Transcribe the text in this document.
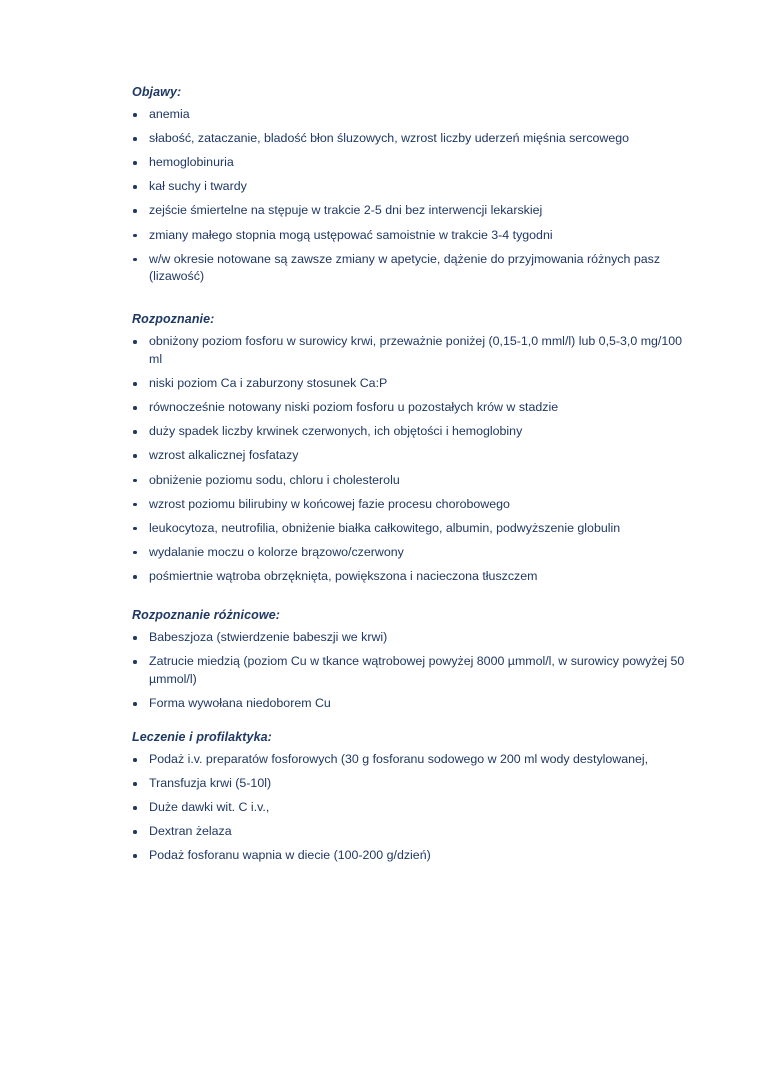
Objawy:
anemia
słabość, zataczanie, bladość błon śluzowych, wzrost liczby uderzeń mięśnia sercowego
hemoglobinuria
kał suchy i twardy
zejście śmiertelne na stępuje w trakcie 2-5 dni bez interwencji lekarskiej
zmiany małego stopnia mogą ustępować samoistnie w trakcie 3-4 tygodni
w/w okresie notowane są zawsze zmiany w apetycie, dążenie do przyjmowania różnych pasz (lizawość)
Rozpoznanie:
obniżony poziom fosforu w surowicy krwi, przeważnie poniżej (0,15-1,0 mml/l) lub 0,5-3,0 mg/100 ml
niski poziom Ca i zaburzony stosunek Ca:P
równocześnie notowany niski poziom fosforu u pozostałych krów w stadzie
duży spadek liczby krwinek czerwonych, ich objętości i hemoglobiny
wzrost alkalicznej fosfatazy
obniżenie poziomu sodu, chloru i cholesterolu
wzrost poziomu bilirubiny w końcowej fazie procesu chorobowego
leukocytoza, neutrofilia, obniżenie białka całkowitego, albumin, podwyższenie globulin
wydalanie moczu o kolorze brązowo/czerwony
pośmiertnie wątroba obrzęknięta, powiększona i nacieczona tłuszczem
Rozpoznanie różnicowe:
Babeszjoza (stwierdzenie babeszji we krwi)
Zatrucie miedzią (poziom Cu w tkance wątrobowej powyżej 8000 µmmol/l, w surowicy powyżej 50 µmmol/l)
Forma wywołana niedoborem Cu
Leczenie i profilaktyka:
Podaż i.v. preparatów fosforowych (30 g fosforanu sodowego w 200 ml wody destylowanej,
Transfuzja krwi (5-10l)
Duże dawki wit. C i.v.,
Dextran żelaza
Podaż fosforanu wapnia w diecie (100-200 g/dzień)
